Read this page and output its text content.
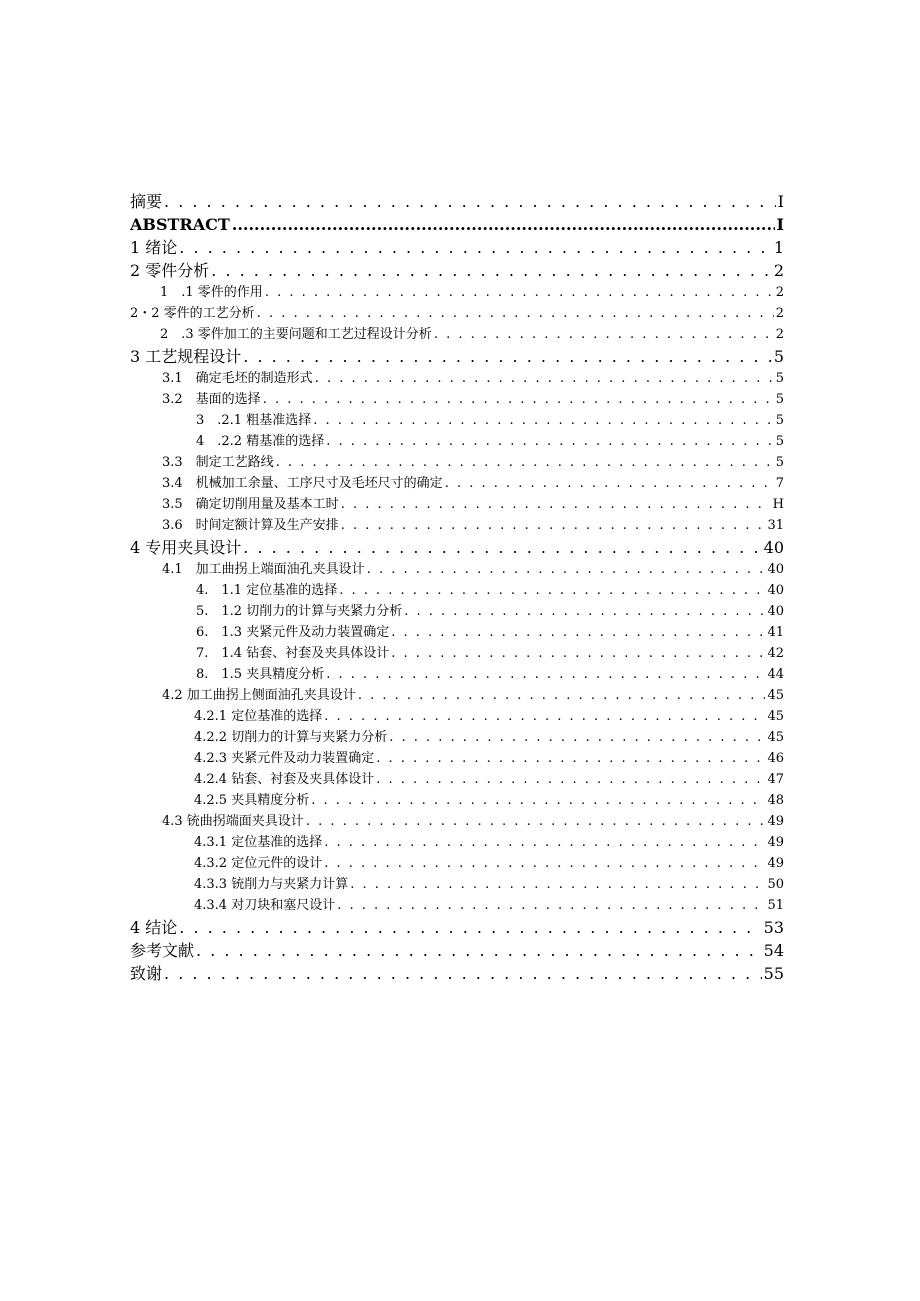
摘要 . . .	I
ABSTRACT .....	I
1 绪论 . . .	1
2 零件分析 . . .	2
1　.1 零件的作用 . . .	2
2・2 零件的工艺分析 . . .	2
2　.3 零件加工的主要问题和工艺过程设计分析 . . .	2
3 工艺规程设计 . . .	5
3.1　确定毛坯的制造形式 . . .	5
3.2　基面的选择 . . .	5
3　.2.1 粗基准选择 . . .	5
4　.2.2 精基准的选择 . . .	5
3.3　制定工艺路线 . . .	5
3.4　机械加工余量、工序尺寸及毛坯尺寸的确定 . . .	7
3.5　确定切削用量及基本工时 . . .	H
3.6　时间定额计算及生产安排 . . .	31
4 专用夹具设计 . . .	40
4.1　加工曲拐上端面油孔夹具设计 . . .	40
4.　1.1 定位基准的选择 . . .	40
5.　1.2 切削力的计算与夹紧力分析 . . .	40
6.　1.3 夹紧元件及动力装置确定 . . .	41
7.　1.4 钻套、衬套及夹具体设计 . . .	42
8.　1.5 夹具精度分析 . . .	44
4.2 加工曲拐上侧面油孔夹具设计 . . .	45
4.2.1 定位基准的选择 . . .	45
4.2.2 切削力的计算与夹紧力分析 . . .	45
4.2.3 夹紧元件及动力装置确定 . . .	46
4.2.4 钻套、衬套及夹具体设计 . . .	47
4.2.5 夹具精度分析 . . .	48
4.3 铳曲拐端面夹具设计 . . .	49
4.3.1 定位基准的选择 . . .	49
4.3.2 定位元件的设计 . . .	49
4.3.3 铳削力与夹紧力计算 . . .	50
4.3.4 对刀块和塞尺设计 . . .	51
4 结论 . . .	53
参考文献 . . .	54
致谢 . . .	55
